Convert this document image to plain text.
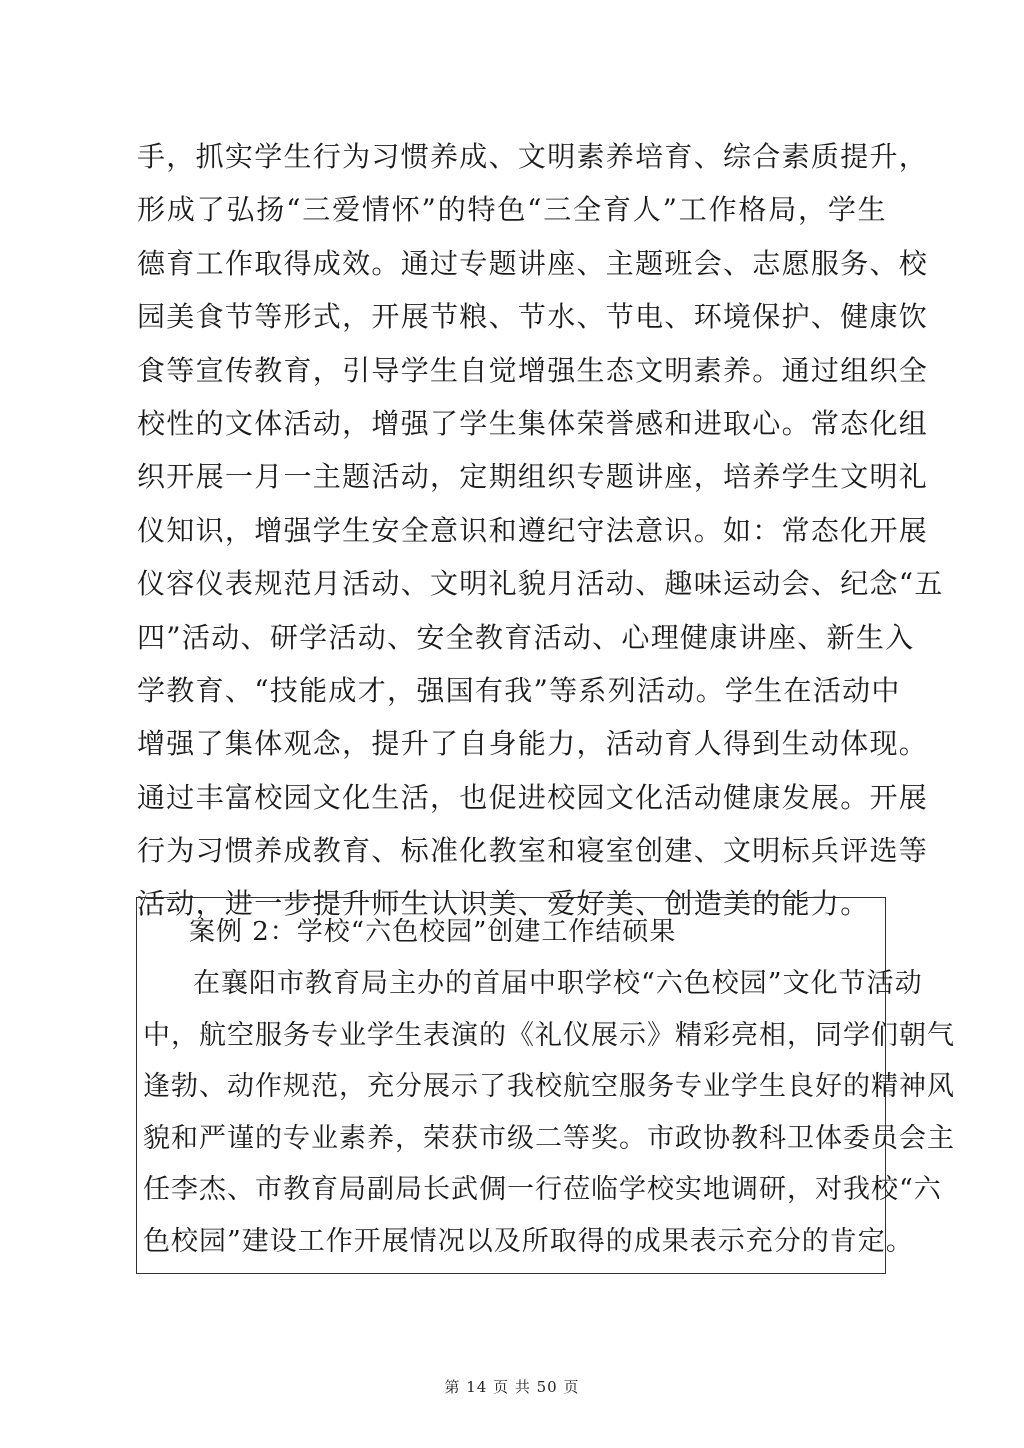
手，抓实学生行为习惯养成、文明素养培育、综合素质提升，
形成了弘扬“三爱情怀”的特色“三全育人”工作格局，学生
德育工作取得成效。通过专题讲座、主题班会、志愿服务、校
园美食节等形式，开展节粮、节水、节电、环境保护、健康饮
食等宣传教育，引导学生自觉增强生态文明素养。通过组织全
校性的文体活动，增强了学生集体荣誉感和进取心。常态化组
织开展一月一主题活动，定期组织专题讲座，培养学生文明礼
仪知识，增强学生安全意识和遵纪守法意识。如：常态化开展
仪容仪表规范月活动、文明礼貌月活动、趣味运动会、纪念“五
四”活动、研学活动、安全教育活动、心理健康讲座、新生入
学教育、“技能成才，强国有我”等系列活动。学生在活动中
增强了集体观念，提升了自身能力，活动育人得到生动体现。
通过丰富校园文化生活，也促进校园文化活动健康发展。开展
行为习惯养成教育、标准化教室和寝室创建、文明标兵评选等
活动，进一步提升师生认识美、爱好美、创造美的能力。
案例 2：学校“六色校园”创建工作结硕果
在襄阳市教育局主办的首届中职学校“六色校园”文化节活动
中，航空服务专业学生表演的《礼仪展示》精彩亮相，同学们朝气
逢勃、动作规范，充分展示了我校航空服务专业学生良好的精神风
貌和严谨的专业素养，荣获市级二等奖。市政协教科卫体委员会主
任李杰、市教育局副局长武倜一行莅临学校实地调研，对我校“六
色校园”建设工作开展情况以及所取得的成果表示充分的肯定。
第 14 页 共 50 页
